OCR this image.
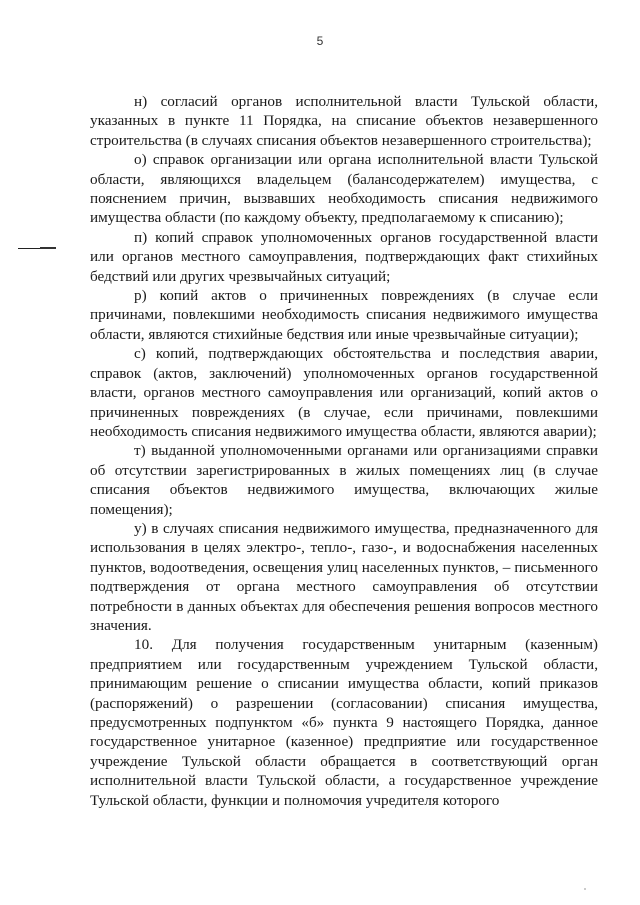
5

н) согласий органов исполнительной власти Тульской области, указанных в пункте 11 Порядка, на списание объектов незавершенного строительства (в случаях списания объектов незавершенного строительства);

о) справок организации или органа исполнительной власти Тульской области, являющихся владельцем (балансодержателем) имущества, с пояснением причин, вызвавших необходимость списания недвижимого имущества области (по каждому объекту, предполагаемому к списанию);

п) копий справок уполномоченных органов государственной власти или органов местного самоуправления, подтверждающих факт стихийных бедствий или других чрезвычайных ситуаций;

р) копий актов о причиненных повреждениях (в случае если причинами, повлекшими необходимость списания недвижимого имущества области, являются стихийные бедствия или иные чрезвычайные ситуации);

с) копий, подтверждающих обстоятельства и последствия аварии, справок (актов, заключений) уполномоченных органов государственной власти, органов местного самоуправления или организаций, копий актов о причиненных повреждениях (в случае, если причинами, повлекшими необходимость списания недвижимого имущества области, являются аварии);

т) выданной уполномоченными органами или организациями справки об отсутствии зарегистрированных в жилых помещениях лиц (в случае списания объектов недвижимого имущества, включающих жилые помещения);

у) в случаях списания недвижимого имущества, предназначенного для использования в целях электро-, тепло-, газо-, и водоснабжения населенных пунктов, водоотведения, освещения улиц населенных пунктов, – письменного подтверждения от органа местного самоуправления об отсутствии потребности в данных объектах для обеспечения решения вопросов местного значения.

10. Для получения государственным унитарным (казенным) предприятием или государственным учреждением Тульской области, принимающим решение о списании имущества области, копий приказов (распоряжений) о разрешении (согласовании) списания имущества, предусмотренных подпунктом «б» пункта 9 настоящего Порядка, данное государственное унитарное (казенное) предприятие или государственное учреждение Тульской области обращается в соответствующий орган исполнительной власти Тульской области, а государственное учреждение Тульской области, функции и полномочия учредителя которого
